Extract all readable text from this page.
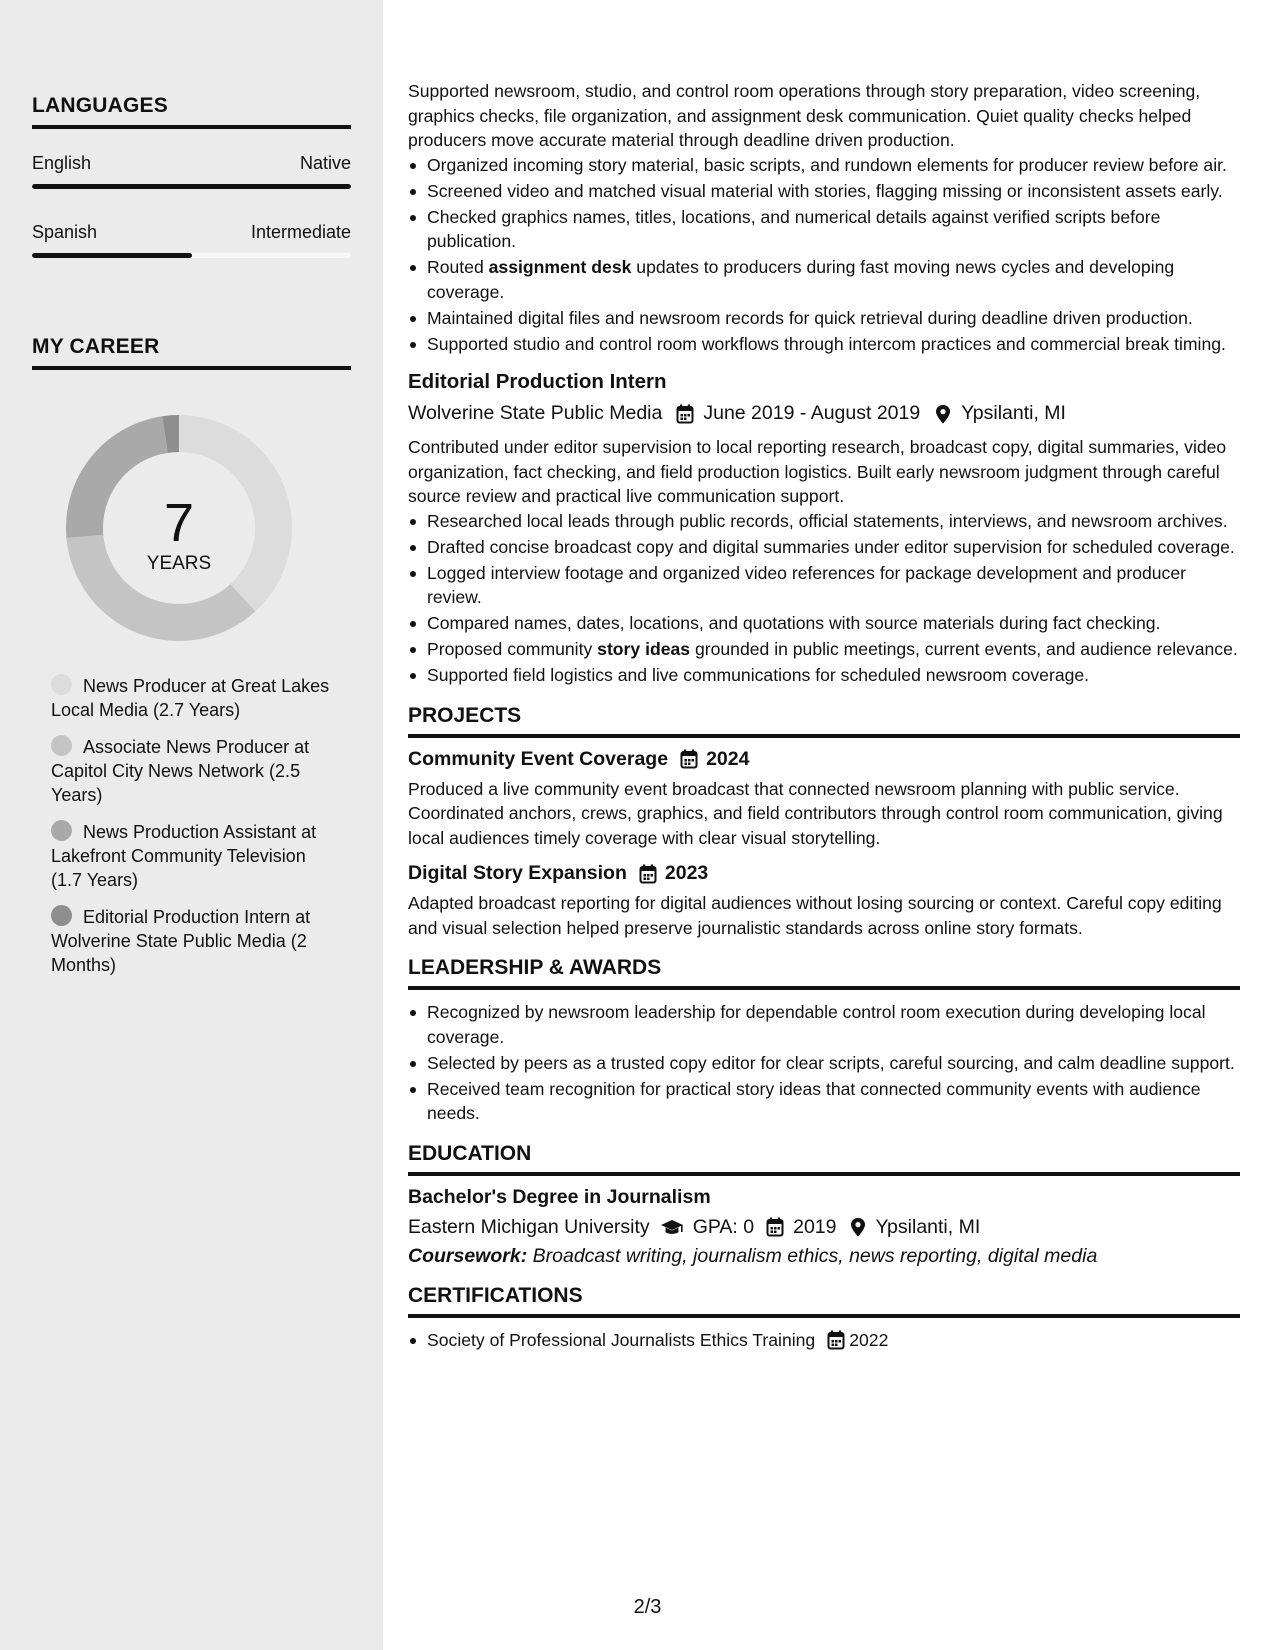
LANGUAGES
English	Native
Spanish	Intermediate
MY CAREER
7
YEARS
News Producer at Great Lakes Local Media (2.7 Years)
Associate News Producer at Capitol City News Network (2.5 Years)
News Production Assistant at Lakefront Community Television (1.7 Years)
Editorial Production Intern at Wolverine State Public Media (2 Months)

Supported newsroom, studio, and control room operations through story preparation, video screening, graphics checks, file organization, and assignment desk communication. Quiet quality checks helped producers move accurate material through deadline driven production.

Organized incoming story material, basic scripts, and rundown elements for producer review before air.
Screened video and matched visual material with stories, flagging missing or inconsistent assets early.
Checked graphics names, titles, locations, and numerical details against verified scripts before publication.
Routed assignment desk updates to producers during fast moving news cycles and developing coverage.
Maintained digital files and newsroom records for quick retrieval during deadline driven production.
Supported studio and control room workflows through intercom practices and commercial break timing.
Editorial Production Intern
Wolverine State Public Media June 2019 - August 2019 Ypsilanti, MI

Contributed under editor supervision to local reporting research, broadcast copy, digital summaries, video organization, fact checking, and field production logistics. Built early newsroom judgment through careful source review and practical live communication support.

Researched local leads through public records, official statements, interviews, and newsroom archives.
Drafted concise broadcast copy and digital summaries under editor supervision for scheduled coverage.
Logged interview footage and organized video references for package development and producer review.
Compared names, dates, locations, and quotations with source materials during fact checking.
Proposed community story ideas grounded in public meetings, current events, and audience relevance.
Supported field logistics and live communications for scheduled newsroom coverage.
PROJECTS
Community Event Coverage 2024

Produced a live community event broadcast that connected newsroom planning with public service. Coordinated anchors, crews, graphics, and field contributors through control room communication, giving local audiences timely coverage with clear visual storytelling.

Digital Story Expansion 2023

Adapted broadcast reporting for digital audiences without losing sourcing or context. Careful copy editing and visual selection helped preserve journalistic standards across online story formats.

LEADERSHIP & AWARDS
Recognized by newsroom leadership for dependable control room execution during developing local coverage.
Selected by peers as a trusted copy editor for clear scripts, careful sourcing, and calm deadline support.
Received team recognition for practical story ideas that connected community events with audience needs.
EDUCATION
Bachelor's Degree in Journalism
Eastern Michigan University GPA: 0 2019 Ypsilanti, MI
Coursework: Broadcast writing, journalism ethics, news reporting, digital media
CERTIFICATIONS
Society of Professional Journalists Ethics Training 2022
2/3
